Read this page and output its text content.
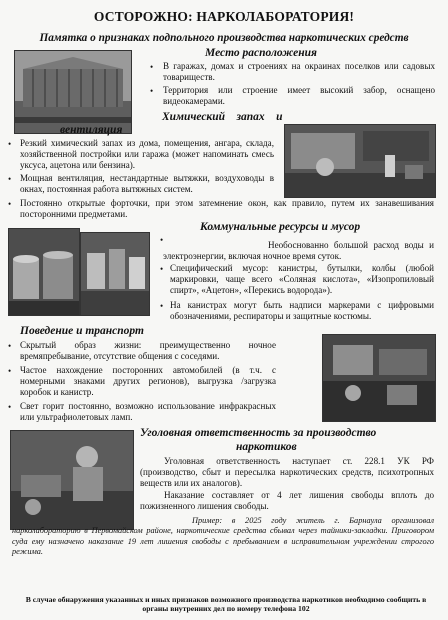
ОСТОРОЖНО: НАРКОЛАБОРАТОРИЯ!
Памятка о признаках подпольного производства наркотических средств
Место расположения
• В гаражах, домах и строениях на окраинах поселков или садовых товариществ.
• Территория или строение имеет высокий забор, оснащено видеокамерами.
Химический    запах    и
вентиляция
• Резкий химический запах из дома, помещения, ангара, склада, хозяйственной постройки или гаража (может напоминать смесь уксуса, ацетона или бензина).
• Мощная вентиляция, нестандартные вытяжки, воздуховоды в окнах, постоянная работа вытяжных систем.
• Постоянно открытые форточки, при этом затемнение окон, как правило, путем их занавешивания посторонними предметами.
Коммунальные ресурсы и мусор
•	Необоснованно большой расход воды и электроэнергии, включая ночное время суток.
• Специфический мусор: канистры, бутылки, колбы (любой маркировки, чаще всего «Соляная кислота», «Изопропиловый спирт», «Ацетон», «Перекись водорода»).
• На канистрах могут быть надписи маркерами с цифровыми обозначениями, респираторы и защитные костюмы.
Поведение и транспорт
• Скрытый образ жизни: преимущественно ночное времяпребывание, отсутствие общения с соседями.
• Частое нахождение посторонних автомобилей (в т.ч. с номерными знаками других регионов), выгрузка /загрузка коробок и канистр.
• Свет горит постоянно, возможно использование инфракрасных или ультрафиолетовых ламп.
Уголовная ответственность за производство
наркотиков
Уголовная ответственность наступает ст. 228.1 УК РФ (производство, сбыт и пересылка наркотических средств, психотропных веществ или их аналогов).
Наказание составляет от 4 лет лишения свободы вплоть до пожизненного лишения свободы.
Пример: в 2025 году житель г. Барнаула организовал нарколабораторию в Первомайском районе, наркотические средства сбывал через тайники-закладки. Приговором суда ему назначено наказание 19 лет лишения свободы с пребыванием в исправительном учреждении строгого режима.
В случае обнаружения указанных и иных признаков возможного производства наркотиков необходимо сообщить в органы внутренних дел по номеру телефона 102
